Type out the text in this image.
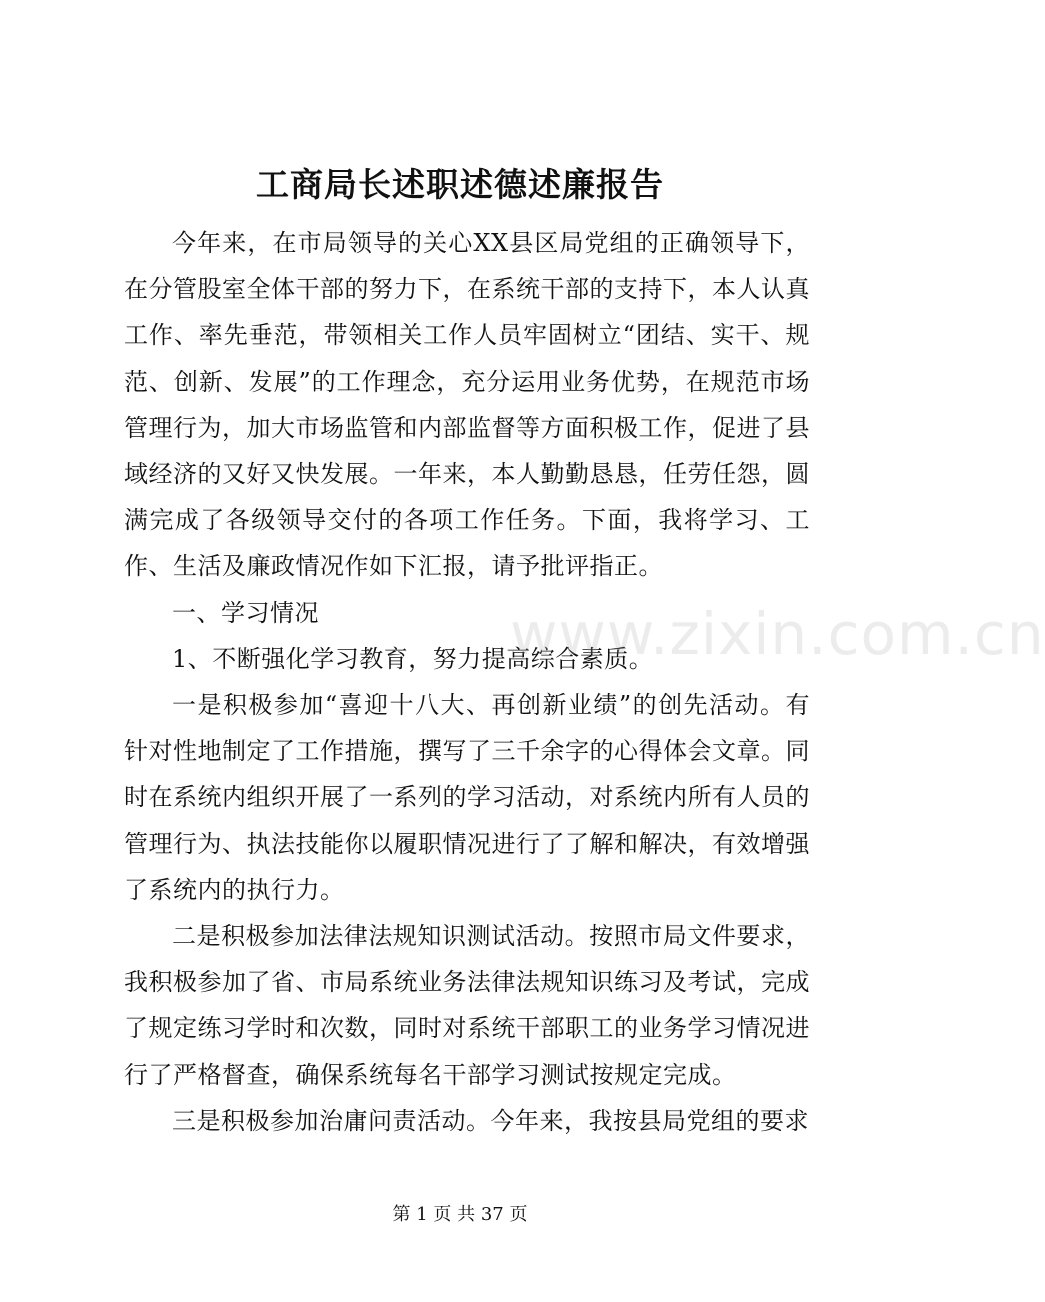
工商局长述职述德述廉报告

今年来，在市局领导的关心XX县区局党组的正确领导下，在分管股室全体干部的努力下，在系统干部的支持下，本人认真工作、率先垂范，带领相关工作人员牢固树立“团结、实干、规范、创新、发展”的工作理念，充分运用业务优势，在规范市场管理行为，加大市场监管和内部监督等方面积极工作，促进了县域经济的又好又快发展。一年来，本人勤勤恳恳，任劳任怨，圆满完成了各级领导交付的各项工作任务。下面，我将学习、工作、生活及廉政情况作如下汇报，请予批评指正。

一、学习情况

1、不断强化学习教育，努力提高综合素质。

一是积极参加“喜迎十八大、再创新业绩”的创先活动。有针对性地制定了工作措施，撰写了三千余字的心得体会文章。同时在系统内组织开展了一系列的学习活动，对系统内所有人员的管理行为、执法技能你以履职情况进行了了解和解决，有效增强了系统内的执行力。

二是积极参加法律法规知识测试活动。按照市局文件要求，我积极参加了省、市局系统业务法律法规知识练习及考试，完成了规定练习学时和次数，同时对系统干部职工的业务学习情况进行了严格督查，确保系统每名干部学习测试按规定完成。

三是积极参加治庸问责活动。今年来，我按县局党组的要求

www.zixin.com.cn
第 1 页 共 37 页
